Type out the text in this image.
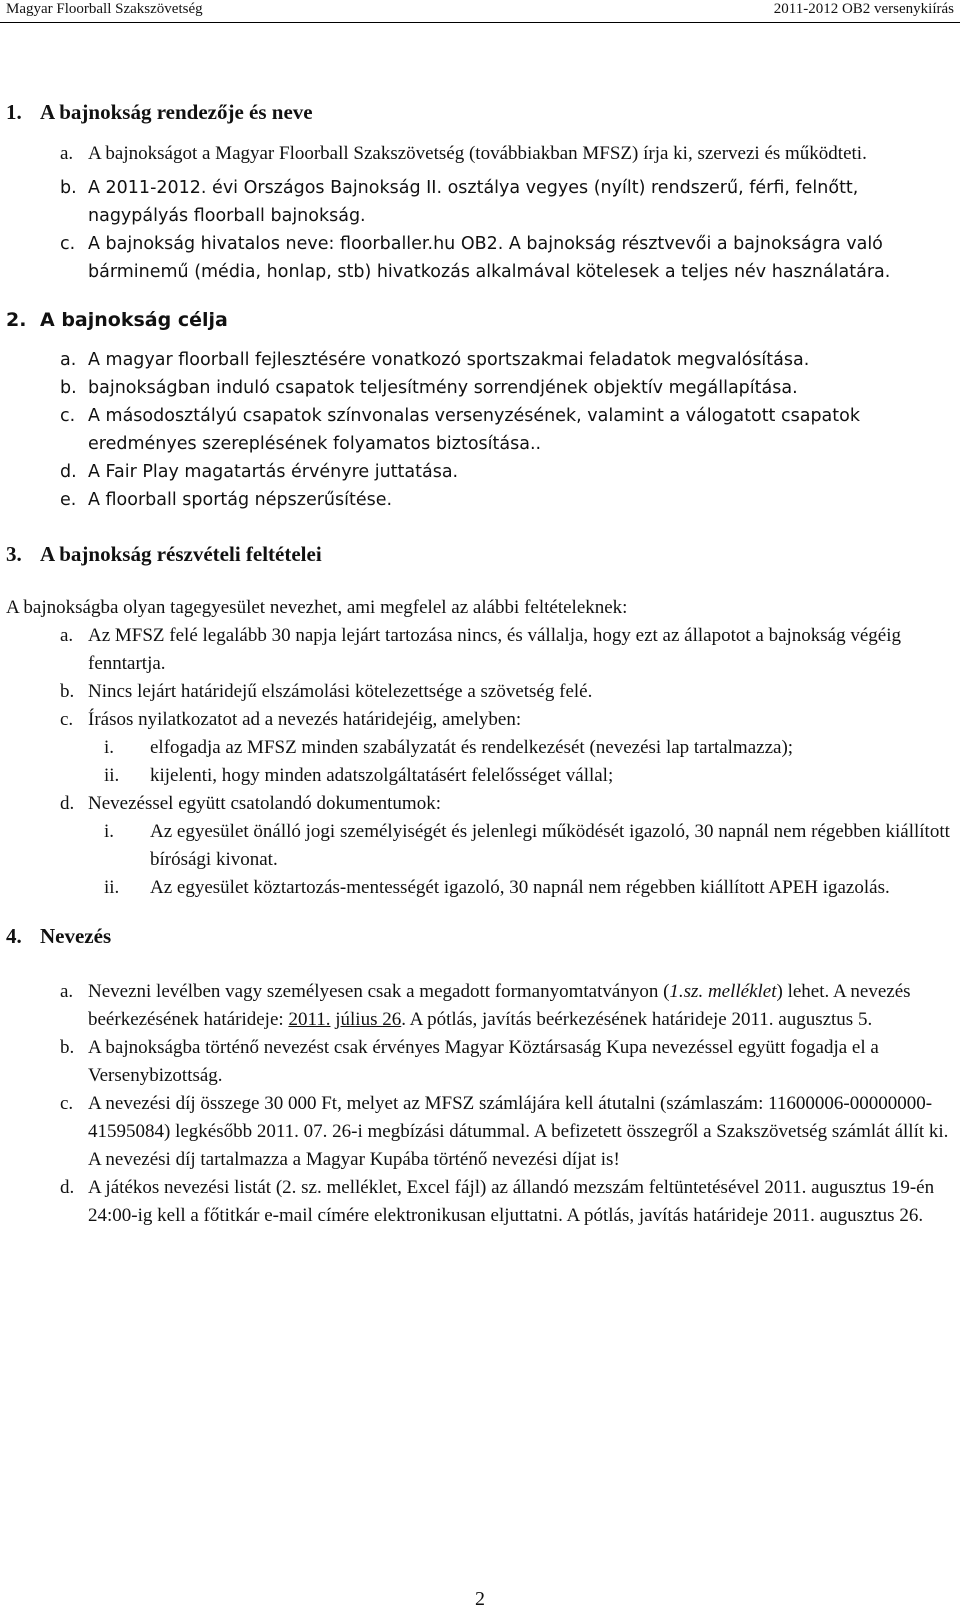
Magyar Floorball Szakszövetség	2011-2012 OB2 versenykiírás
1. A bajnokság rendezője és neve
a. A bajnokságot a Magyar Floorball Szakszövetség (továbbiakban MFSZ) írja ki, szervezi és működteti.
b. A 2011-2012. évi Országos Bajnokság II. osztálya vegyes (nyílt) rendszerű, férfi, felnőtt, nagypályás floorball bajnokság.
c. A bajnokság hivatalos neve: floorballer.hu OB2. A bajnokság résztvevői a bajnokságra való bárminemű (média, honlap, stb) hivatkozás alkalmával kötelesek a teljes név használatára.
2. A bajnokság célja
a. A magyar floorball fejlesztésére vonatkozó sportszakmai feladatok megvalósítása.
b. bajnokságban induló csapatok teljesítmény sorrendjének objektív megállapítása.
c. A másodosztályú csapatok színvonalas versenyzésének, valamint a válogatott csapatok eredményes szereplésének folyamatos biztosítása..
d. A Fair Play magatartás érvényre juttatása.
e. A floorball sportág népszerűsítése.
3. A bajnokság részvételi feltételei
A bajnokságba olyan tagegyesület nevezhet, ami megfelel az alábbi feltételeknek:
a. Az MFSZ felé legalább 30 napja lejárt tartozása nincs, és vállalja, hogy ezt az állapotot a bajnokság végéig fenntartja.
b. Nincs lejárt határidejű elszámolási kötelezettsége a szövetség felé.
c. Írásos nyilatkozatot ad a nevezés határidejéig, amelyben:
i. elfogadja az MFSZ minden szabályzatát és rendelkezését (nevezési lap tartalmazza);
ii. kijelenti, hogy minden adatszolgáltatásért felelősséget vállal;
d. Nevezéssel együtt csatolandó dokumentumok:
i. Az egyesület önálló jogi személyiségét és jelenlegi működését igazoló, 30 napnál nem régebben kiállított bírósági kivonat.
ii. Az egyesület köztartozás-mentességét igazoló, 30 napnál nem régebben kiállított APEH igazolás.
4. Nevezés
a. Nevezni levélben vagy személyesen csak a megadott formanyomtatványon (1.sz. melléklet) lehet. A nevezés beérkezésének határideje: 2011. július 26. A pótlás, javítás beérkezésének határideje 2011. augusztus 5.
b. A bajnokságba történő nevezést csak érvényes Magyar Köztársaság Kupa nevezéssel együtt fogadja el a Versenybizottság.
c. A nevezési díj összege 30 000 Ft, melyet az MFSZ számlájára kell átutalni (számlaszám: 11600006-00000000-41595084) legkésőbb 2011. 07. 26-i megbízási dátummal. A befizetett összegről a Szakszövetség számlát állít ki. A nevezési díj tartalmazza a Magyar Kupába történő nevezési díjat is!
d. A játékos nevezési listát (2. sz. melléklet, Excel fájl) az állandó mezszám feltüntetésével 2011. augusztus 19-én 24:00-ig kell a főtitkár e-mail címére elektronikusan eljuttatni. A pótlás, javítás határideje 2011. augusztus 26.
2
